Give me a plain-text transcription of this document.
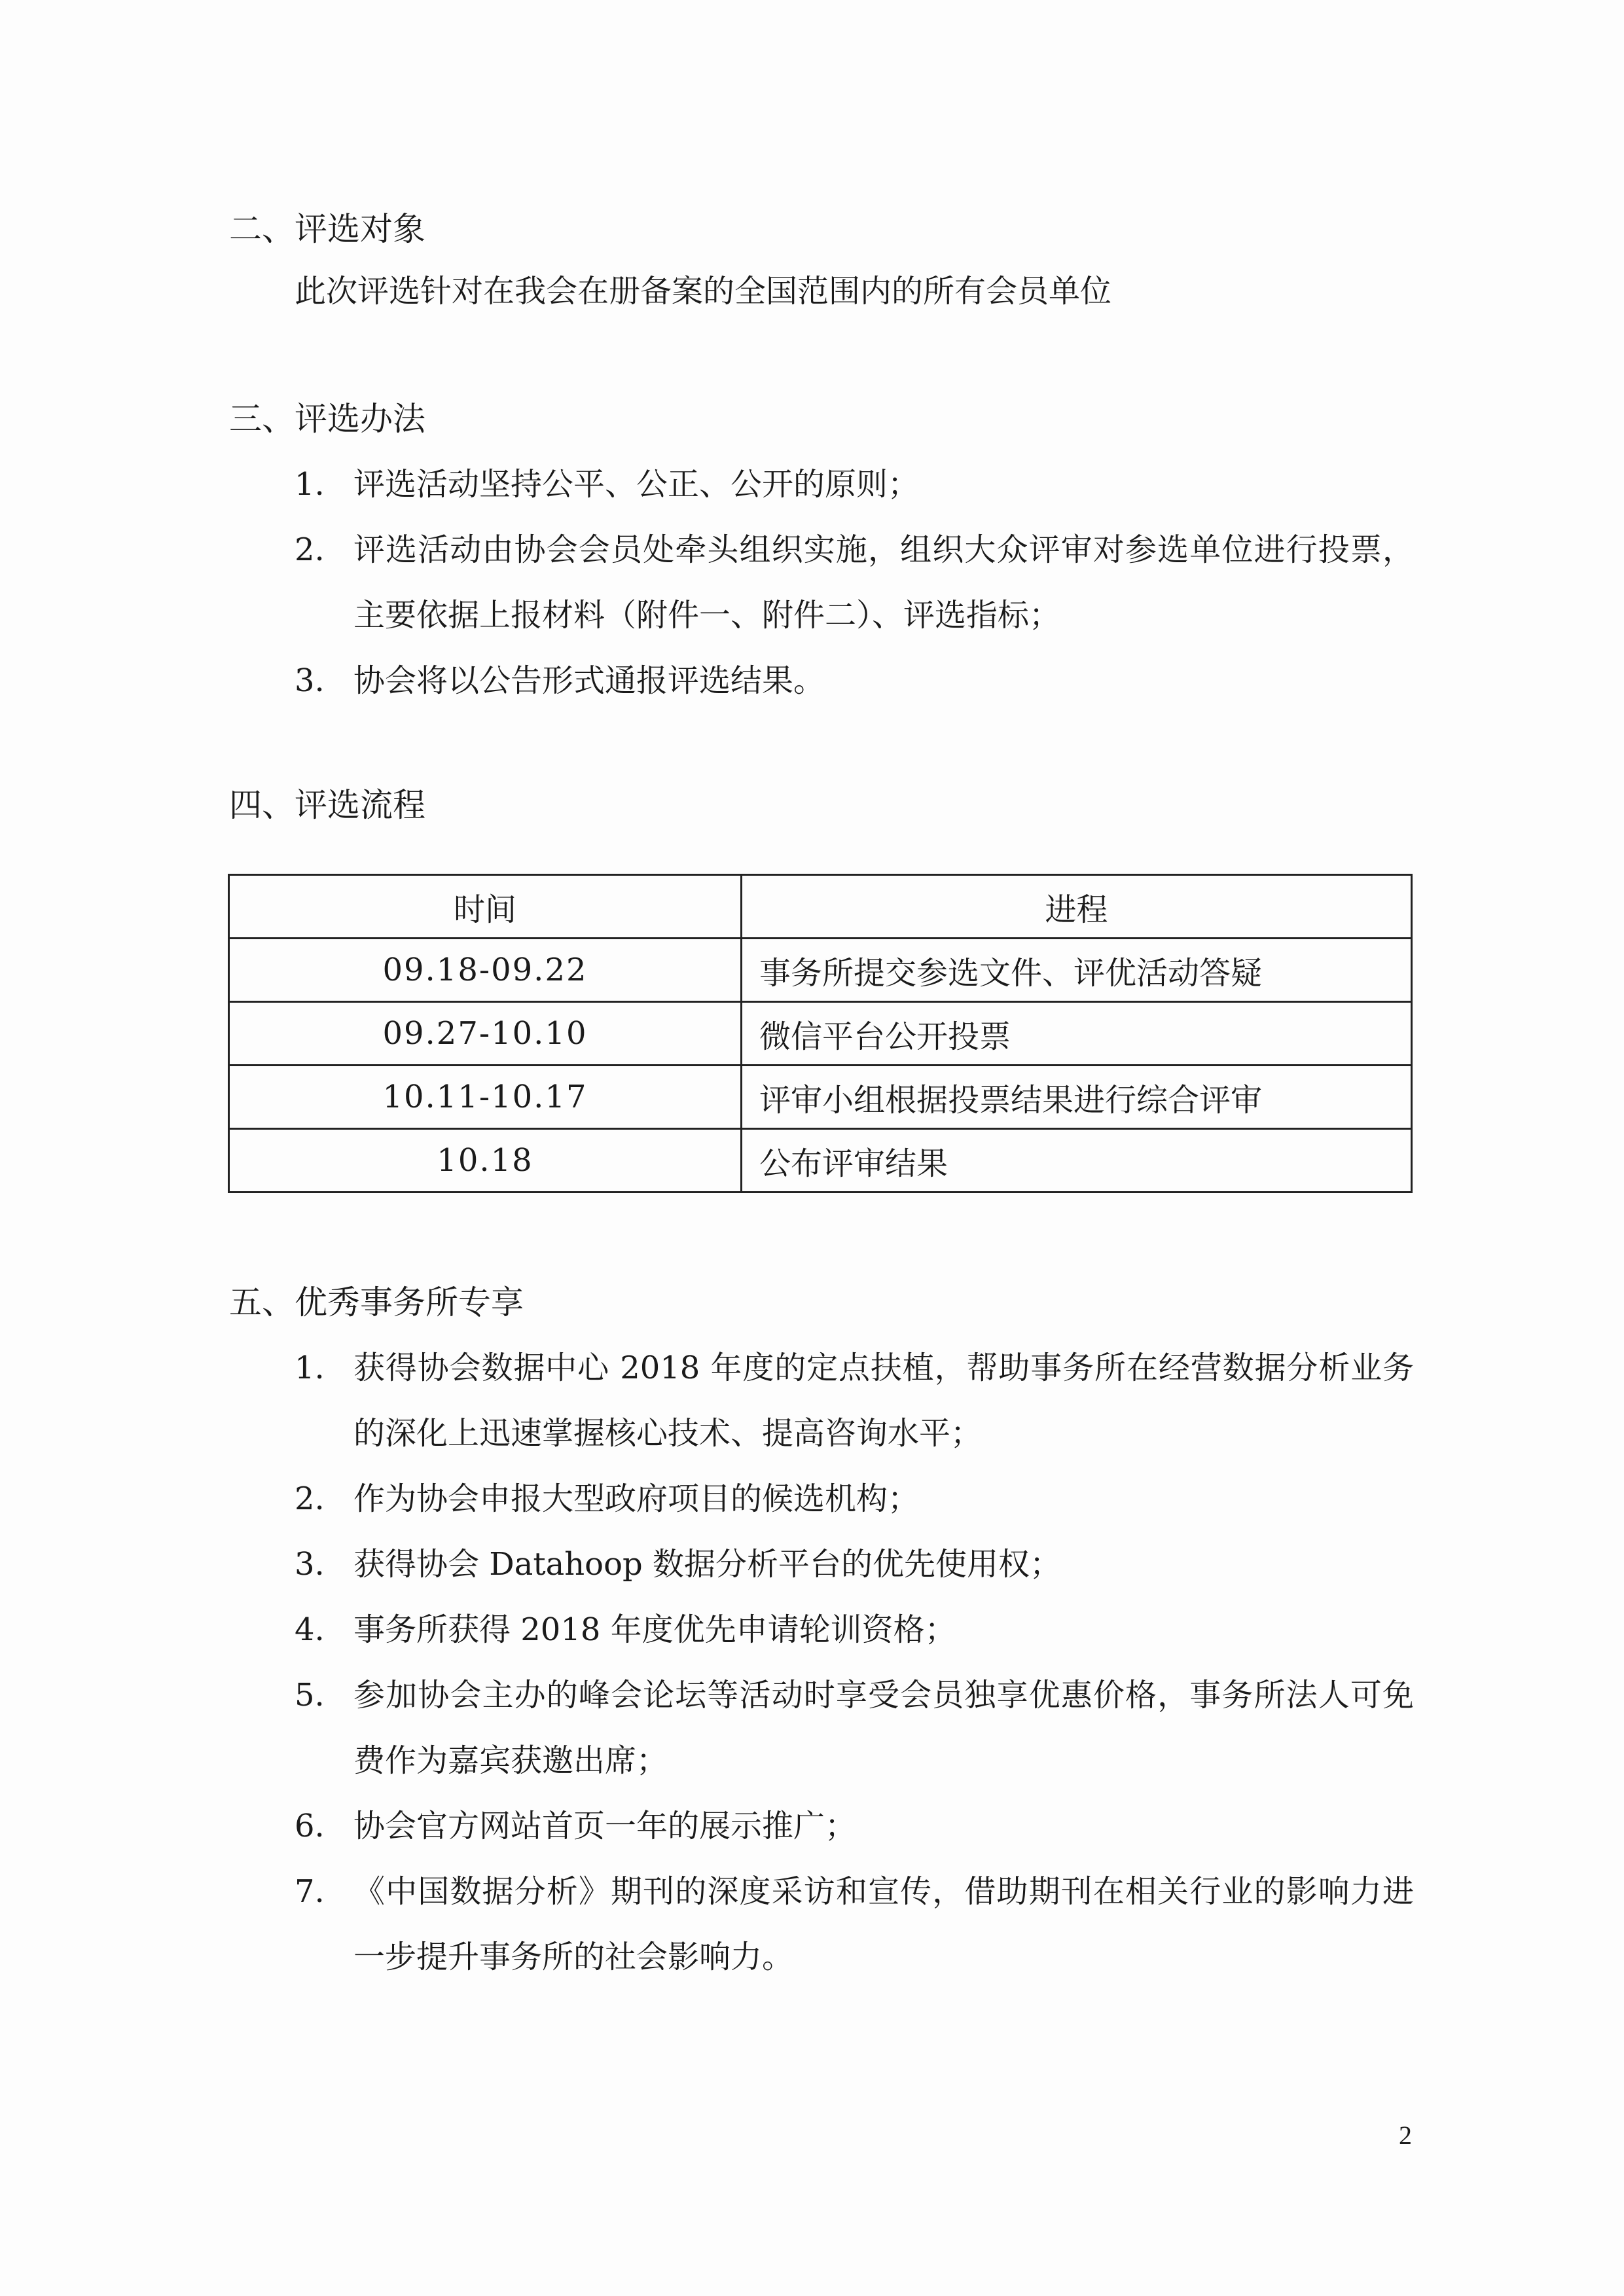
二、评选对象

此次评选针对在我会在册备案的全国范围内的所有会员单位

三、评选办法
1. 评选活动坚持公平、公正、公开的原则；
2. 评选活动由协会会员处牵头组织实施，组织大众评审对参选单位进行投票，主要依据上报材料（附件一、附件二）、评选指标；
3. 协会将以公告形式通报评选结果。
四、评选流程
时间	进程
09.18-09.22	事务所提交参选文件、评优活动答疑
09.27-10.10	微信平台公开投票
10.11-10.17	评审小组根据投票结果进行综合评审
10.18	公布评审结果
五、优秀事务所专享
1. 获得协会数据中心 2018 年度的定点扶植，帮助事务所在经营数据分析业务的深化上迅速掌握核心技术、提高咨询水平；
2. 作为协会申报大型政府项目的候选机构；
3. 获得协会 Datahoop 数据分析平台的优先使用权；
4. 事务所获得 2018 年度优先申请轮训资格；
5. 参加协会主办的峰会论坛等活动时享受会员独享优惠价格，事务所法人可免费作为嘉宾获邀出席；
6. 协会官方网站首页一年的展示推广；
7. 《中国数据分析》期刊的深度采访和宣传，借助期刊在相关行业的影响力进一步提升事务所的社会影响力。
2
